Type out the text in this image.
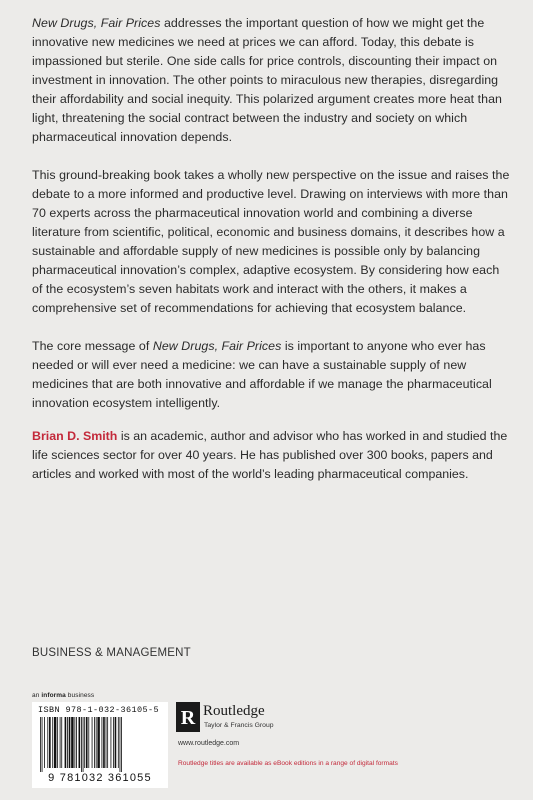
New Drugs, Fair Prices addresses the important question of how we might get the innovative new medicines we need at prices we can afford. Today, this debate is impassioned but sterile. One side calls for price controls, discounting their impact on investment in innovation. The other points to miraculous new therapies, disregarding their affordability and social inequity. This polarized argument creates more heat than light, threatening the social contract between the industry and society on which pharmaceutical innovation depends.

This ground-breaking book takes a wholly new perspective on the issue and raises the debate to a more informed and productive level. Drawing on interviews with more than 70 experts across the pharmaceutical innovation world and combining a diverse literature from scientific, political, economic and business domains, it describes how a sustainable and affordable supply of new medicines is possible only by balancing pharmaceutical innovation’s complex, adaptive ecosystem. By considering how each of the ecosystem’s seven habitats work and interact with the others, it makes a comprehensive set of recommendations for achieving that ecosystem balance.

The core message of New Drugs, Fair Prices is important to anyone who ever has needed or will ever need a medicine: we can have a sustainable supply of new medicines that are both innovative and affordable if we manage the pharmaceutical innovation ecosystem intelligently.

Brian D. Smith is an academic, author and advisor who has worked in and studied the life sciences sector for over 40 years. He has published over 300 books, papers and articles and worked with most of the world’s leading pharmaceutical companies.

BUSINESS & MANAGEMENT
an informa business
ISBN 978-1-032-36105-5
9 781032 361055
R Routledge
Taylor & Francis Group
www.routledge.com
Routledge titles are available as eBook editions in a range of digital formats
